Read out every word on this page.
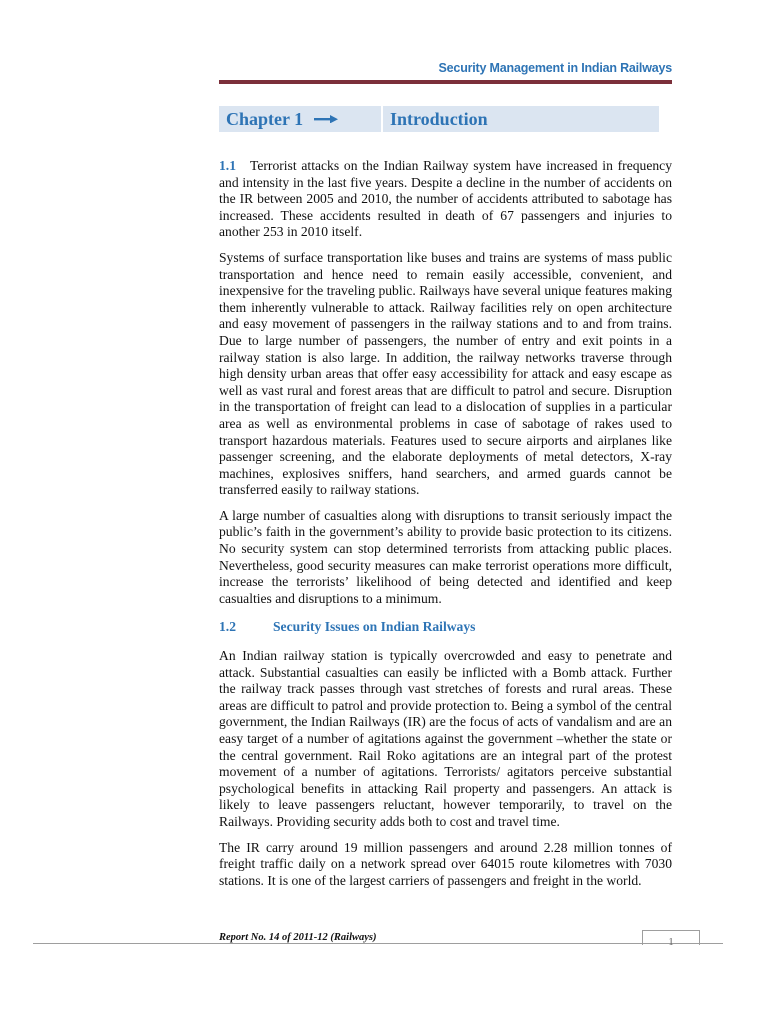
Security Management in Indian Railways
Chapter 1	Introduction

1.1 Terrorist attacks on the Indian Railway system have increased in frequency and intensity in the last five years. Despite a decline in the number of accidents on the IR between 2005 and 2010, the number of accidents attributed to sabotage has increased. These accidents resulted in death of 67 passengers and injuries to another 253 in 2010 itself.

Systems of surface transportation like buses and trains are systems of mass public transportation and hence need to remain easily accessible, convenient, and inexpensive for the traveling public. Railways have several unique features making them inherently vulnerable to attack. Railway facilities rely on open architecture and easy movement of passengers in the railway stations and to and from trains. Due to large number of passengers, the number of entry and exit points in a railway station is also large. In addition, the railway networks traverse through high density urban areas that offer easy accessibility for attack and easy escape as well as vast rural and forest areas that are difficult to patrol and secure. Disruption in the transportation of freight can lead to a dislocation of supplies in a particular area as well as environmental problems in case of sabotage of rakes used to transport hazardous materials. Features used to secure airports and airplanes like passenger screening, and the elaborate deployments of metal detectors, X-ray machines, explosives sniffers, hand searchers, and armed guards cannot be transferred easily to railway stations.

A large number of casualties along with disruptions to transit seriously impact the public’s faith in the government’s ability to provide basic protection to its citizens. No security system can stop determined terrorists from attacking public places. Nevertheless, good security measures can make terrorist operations more difficult, increase the terrorists’ likelihood of being detected and identified and keep casualties and disruptions to a minimum.

1.2	Security Issues on Indian Railways

An Indian railway station is typically overcrowded and easy to penetrate and attack. Substantial casualties can easily be inflicted with a Bomb attack. Further the railway track passes through vast stretches of forests and rural areas. These areas are difficult to patrol and provide protection to. Being a symbol of the central government, the Indian Railways (IR) are the focus of acts of vandalism and are an easy target of a number of agitations against the government –whether the state or the central government. Rail Roko agitations are an integral part of the protest movement of a number of agitations. Terrorists/ agitators perceive substantial psychological benefits in attacking Rail property and passengers. An attack is likely to leave passengers reluctant, however temporarily, to travel on the Railways. Providing security adds both to cost and travel time.

The IR carry around 19 million passengers and around 2.28 million tonnes of freight traffic daily on a network spread over 64015 route kilometres with 7030 stations. It is one of the largest carriers of passengers and freight in the world.

Report No. 14 of 2011-12 (Railways)	1
